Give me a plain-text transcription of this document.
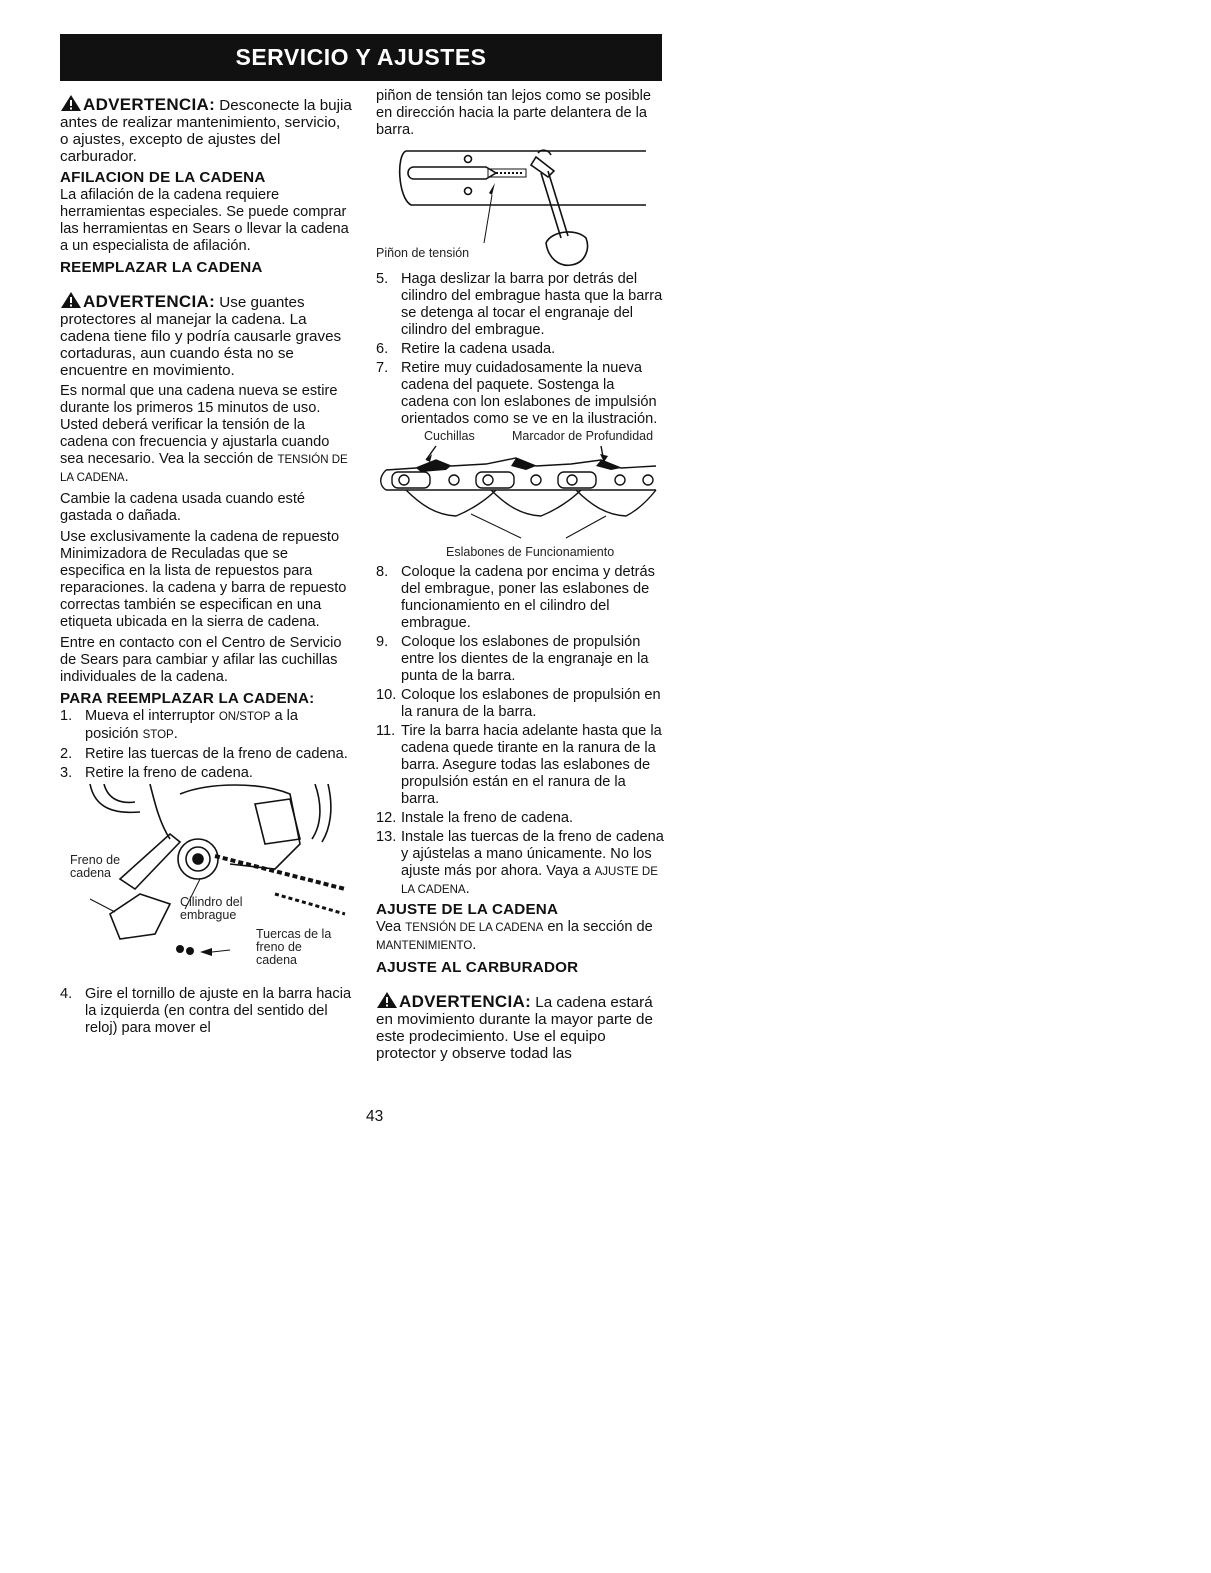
SERVICIO Y AJUSTES

ADVERTENCIA: Desconecte la bujia antes de realizar mantenimiento, servicio, o ajustes, excepto de ajustes del carburador.

AFILACION DE LA CADENA

La afilación de la cadena requiere herramientas especiales. Se puede comprar las herramientas en Sears o llevar la cadena a un especialista de afilación.

REEMPLAZAR LA CADENA

ADVERTENCIA: Use guantes protectores al manejar la cadena. La cadena tiene filo y podría causarle graves cortaduras, aun cuando ésta no se encuentre en movimiento.

Es normal que una cadena nueva se estire durante los primeros 15 minutos de uso. Usted deberá verificar la tensión de la cadena con frecuencia y ajustarla cuando sea necesario. Vea la sección de TENSIÓN DE LA CADENA.

Cambie la cadena usada cuando esté gastada o dañada.

Use exclusivamente la cadena de repuesto Minimizadora de Reculadas que se especifica en la lista de repuestos para reparaciones. la cadena y barra de repuesto correctas también se especifican en una etiqueta ubicada en la sierra de cadena.

Entre en contacto con el Centro de Servicio de Sears para cambiar y afilar las cuchillas individuales de la cadena.

PARA REEMPLAZAR LA CADENA:
1. Mueva el interruptor ON/STOP a la posición STOP.
2. Retire las tuercas de la freno de cadena.
3. Retire la freno de cadena.
Freno de cadena
Cilindro del embrague
Tuercas de la freno de cadena
4. Gire el tornillo de ajuste en la barra hacia la izquierda (en contra del sentido del reloj) para mover el

piñon de tensión tan lejos como se posible en dirección hacia la parte delantera de la barra.

Piñon de tensión
5. Haga deslizar la barra por detrás del cilindro del embrague hasta que la barra se detenga al tocar el engranaje del cilindro del embrague.
6. Retire la cadena usada.
7. Retire muy cuidadosamente la nueva cadena del paquete. Sostenga la cadena con lon eslabones de impulsión orientados como se ve en la ilustración.
Cuchillas	Marcador de Profundidad
Eslabones de Funcionamiento
8. Coloque la cadena por encima y detrás del embrague, poner las eslabones de funcionamiento en el cilindro del embrague.
9. Coloque los eslabones de propulsión entre los dientes de la engranaje en la punta de la barra.
10. Coloque los eslabones de propulsión en la ranura de la barra.
11. Tire la barra hacia adelante hasta que la cadena quede tirante en la ranura de la barra. Asegure todas las eslabones de propulsión están en el ranura de la barra.
12. Instale la freno de cadena.
13. Instale las tuercas de la freno de cadena y ajústelas a mano únicamente. No los ajuste más por ahora. Vaya a AJUSTE DE LA CADENA.
AJUSTE DE LA CADENA

Vea TENSIÓN DE LA CADENA en la sección de MANTENIMIENTO.

AJUSTE AL CARBURADOR

ADVERTENCIA: La cadena estará en movimiento durante la mayor parte de este prodecimiento. Use el equipo protector y observe todad las

43
